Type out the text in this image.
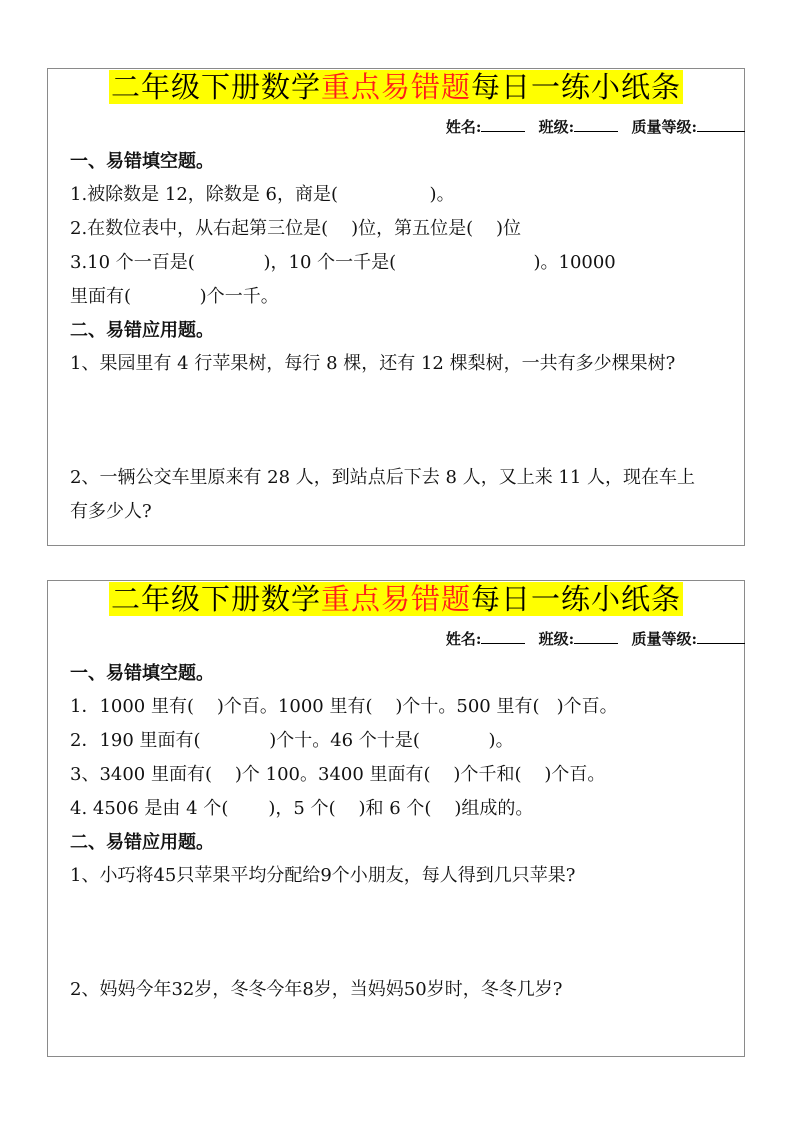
二年级下册数学重点易错题每日一练小纸条
姓名:	班级:	质量等级:
一、易错填空题。
1.被除数是 12，除数是 6，商是(                )。
2.在数位表中，从右起第三位是(    )位，第五位是(    )位
3.10 个一百是(            )，10 个一千是(                        )。10000
里面有(            )个一千。
二、易错应用题。
1、果园里有 4 行苹果树，每行 8 棵，还有 12 棵梨树，一共有多少棵果树?
2、一辆公交车里原来有 28 人，到站点后下去 8 人，又上来 11 人，现在车上
有多少人?
二年级下册数学重点易错题每日一练小纸条
姓名:	班级:	质量等级:
一、易错填空题。
1．1000 里有(    )个百。1000 里有(    )个十。500 里有(   )个百。
2．190 里面有(            )个十。46 个十是(            )。
3、3400 里面有(    )个 100。3400 里面有(    )个千和(    )个百。
4. 4506 是由 4 个(       )，5 个(    )和 6 个(    )组成的。
二、易错应用题。
1、小巧将45只苹果平均分配给9个小朋友，每人得到几只苹果?
2、妈妈今年32岁，冬冬今年8岁，当妈妈50岁时，冬冬几岁?
